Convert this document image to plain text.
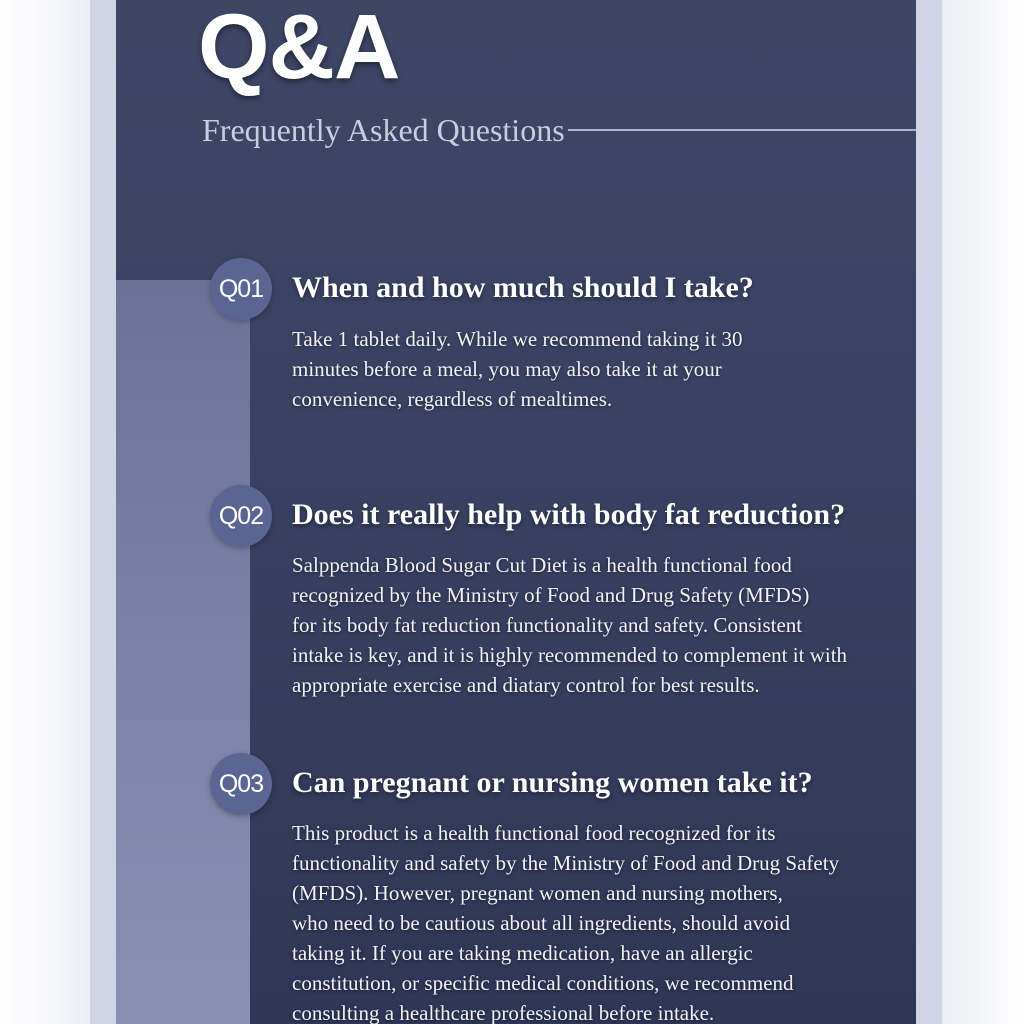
Q&A

Frequently Asked Questions

Q01 When and how much should I take?

Take 1 tablet daily. While we recommend taking it 30
minutes before a meal, you may also take it at your
convenience, regardless of mealtimes.

Q02 Does it really help with body fat reduction?

Salppenda Blood Sugar Cut Diet is a health functional food
recognized by the Ministry of Food and Drug Safety (MFDS)
for its body fat reduction functionality and safety. Consistent
intake is key, and it is highly recommended to complement it with
appropriate exercise and diatary control for best results.

Q03 Can pregnant or nursing women take it?

This product is a health functional food recognized for its
functionality and safety by the Ministry of Food and Drug Safety
(MFDS). However, pregnant women and nursing mothers,
who need to be cautious about all ingredients, should avoid
taking it. If you are taking medication, have an allergic
constitution, or specific medical conditions, we recommend
consulting a healthcare professional before intake.
